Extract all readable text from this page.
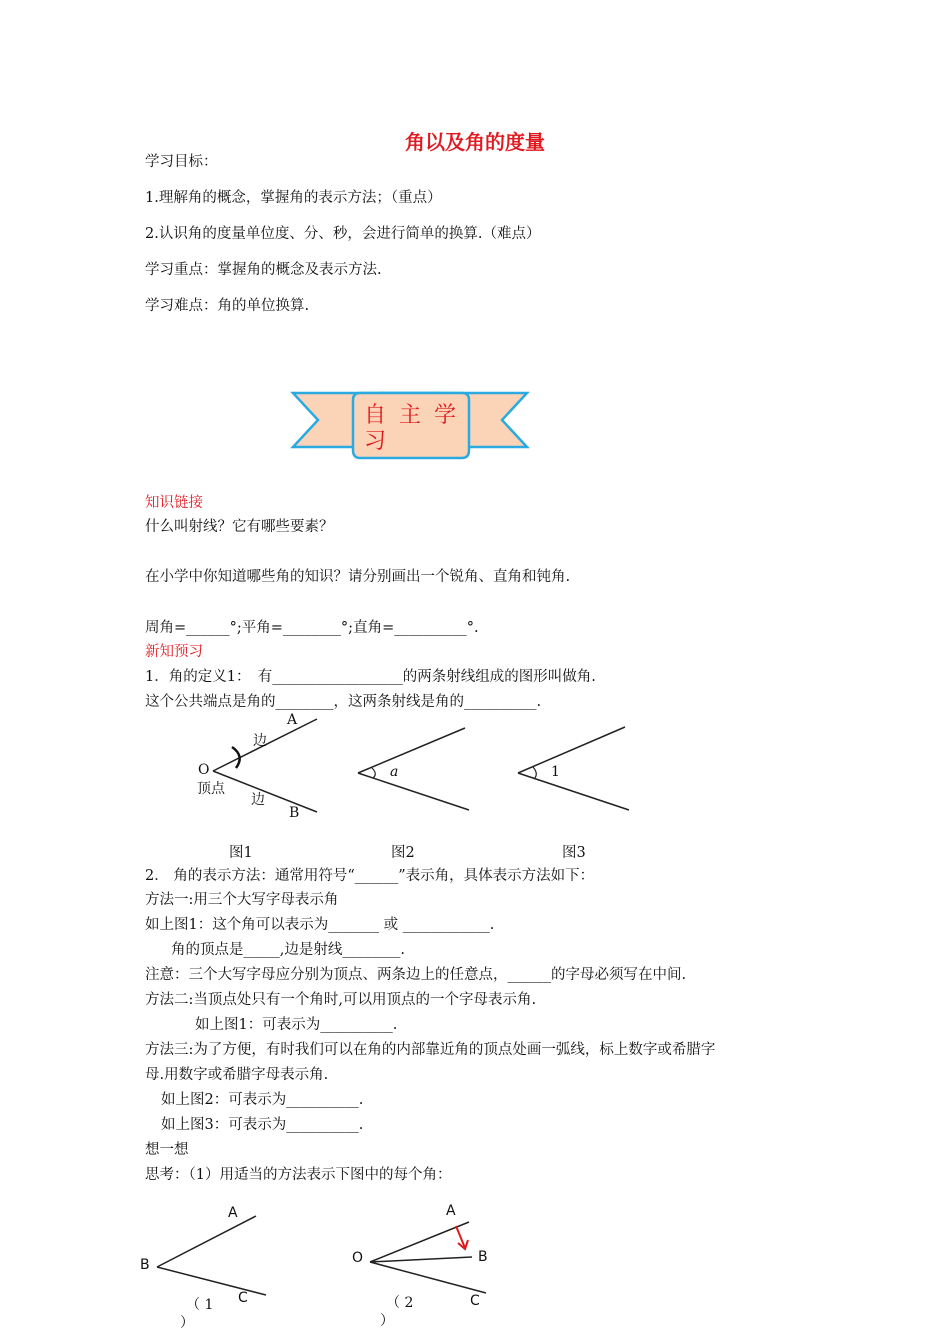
角以及角的度量
学习目标：
1.理解角的概念，掌握角的表示方法；（重点）
2.认识角的度量单位度、分、秒，会进行简单的换算.（难点）
学习重点：掌握角的概念及表示方法.
学习难点：角的单位换算.
自 主 学 习
知识链接
什么叫射线？它有哪些要素？
在小学中你知道哪些角的知识？请分别画出一个锐角、直角和钝角.
周角=______°;平角=________°;直角=__________°.
新知预习
1．角的定义1：　有__________________的两条射线组成的图形叫做角.
这个公共端点是角的________，这两条射线是角的__________.
A
边
O
顶点
边
B
a	1
图1	图2	图3
2． 角的表示方法：通常用符号“______”表示角，具体表示方法如下：
方法一:用三个大写字母表示角
如上图1：这个角可以表示为_______ 或 ____________.
角的顶点是_____,边是射线________.
注意：三个大写字母应分别为顶点、两条边上的任意点，______的字母必须写在中间.
方法二:当顶点处只有一个角时,可以用顶点的一个字母表示角.
如上图1：可表示为__________.
方法三:为了方便，有时我们可以在角的内部靠近角的顶点处画一弧线，标上数字或希腊字
母.用数字或希腊字母表示角.
如上图2：可表示为__________.
如上图3：可表示为__________.
想一想
思考：（1）用适当的方法表示下图中的每个角：
A
B
C
（ 1
）
A
O	B
C
（ 2
）
